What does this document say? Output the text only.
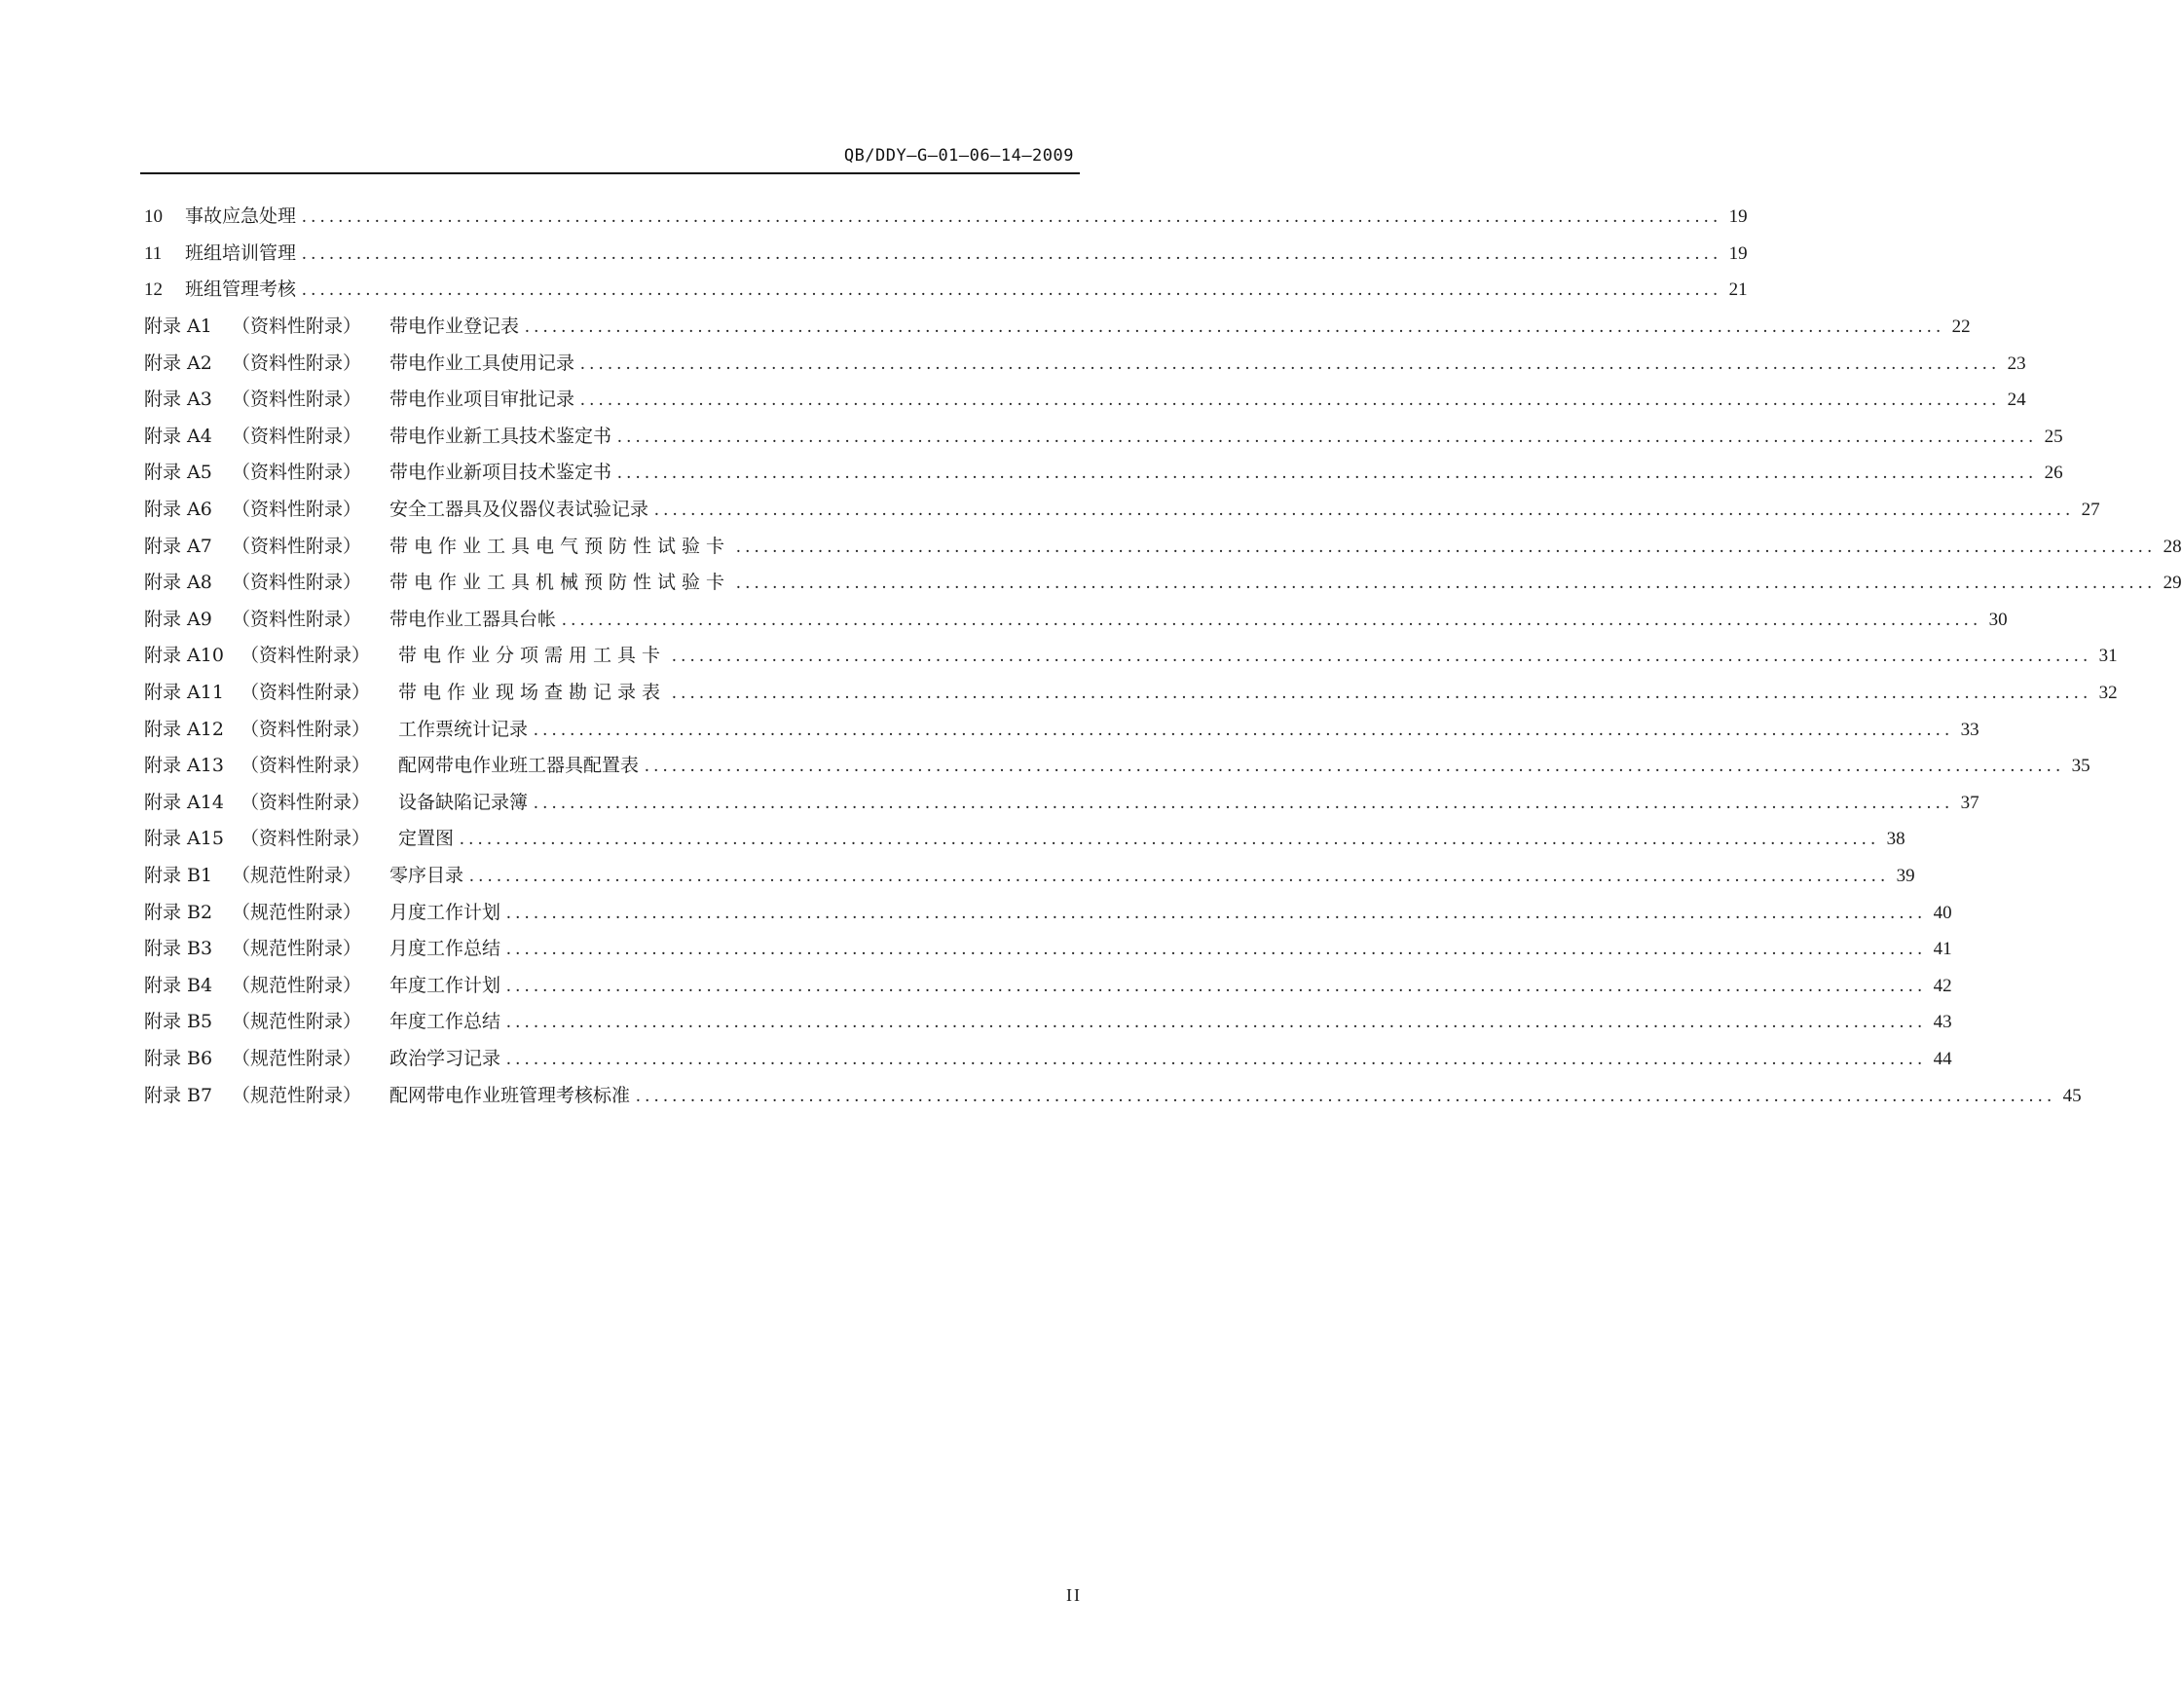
QB/DDY—G—01—06—14—2009
10	事故应急处理 ............................................................................................................................................................ 19
11	班组培训管理 ............................................................................................................................................................ 19
12	班组管理考核 ............................................................................................................................................................ 21
附录 A1	（资料性附录）	带电作业登记表 ............................................................................................................................................................ 22
附录 A2	（资料性附录）	带电作业工具使用记录 ............................................................................................................................................................ 23
附录 A3	（资料性附录）	带电作业项目审批记录 ............................................................................................................................................................ 24
附录 A4	（资料性附录）	带电作业新工具技术鉴定书 ............................................................................................................................................................ 25
附录 A5	（资料性附录）	带电作业新项目技术鉴定书 ............................................................................................................................................................ 26
附录 A6	（资料性附录）	安全工器具及仪器仪表试验记录 ............................................................................................................................................................ 27
附录 A7	（资料性附录）	带电作业工具电气预防性试验卡 ............................................................................................................................................................ 28
附录 A8	（资料性附录）	带电作业工具机械预防性试验卡 ............................................................................................................................................................ 29
附录 A9	（资料性附录）	带电作业工器具台帐 ............................................................................................................................................................ 30
附录 A10 （资料性附录）	带电作业分项需用工具卡 ............................................................................................................................................................ 31
附录 A11 （资料性附录）	带电作业现场查勘记录表 ............................................................................................................................................................ 32
附录 A12 （资料性附录）	工作票统计记录 ............................................................................................................................................................ 33
附录 A13 （资料性附录）	配网带电作业班工器具配置表 ............................................................................................................................................................ 35
附录 A14 （资料性附录）	设备缺陷记录簿 ............................................................................................................................................................ 37
附录 A15 （资料性附录）	定置图 ............................................................................................................................................................ 38
附录 B1	（规范性附录）	零序目录 ............................................................................................................................................................ 39
附录 B2	（规范性附录）	月度工作计划 ............................................................................................................................................................ 40
附录 B3	（规范性附录）	月度工作总结 ............................................................................................................................................................ 41
附录 B4	（规范性附录）	年度工作计划 ............................................................................................................................................................ 42
附录 B5	（规范性附录）	年度工作总结 ............................................................................................................................................................ 43
附录 B6	（规范性附录）	政治学习记录 ............................................................................................................................................................ 44
附录 B7	（规范性附录）	配网带电作业班管理考核标准 ............................................................................................................................................................ 45
II
